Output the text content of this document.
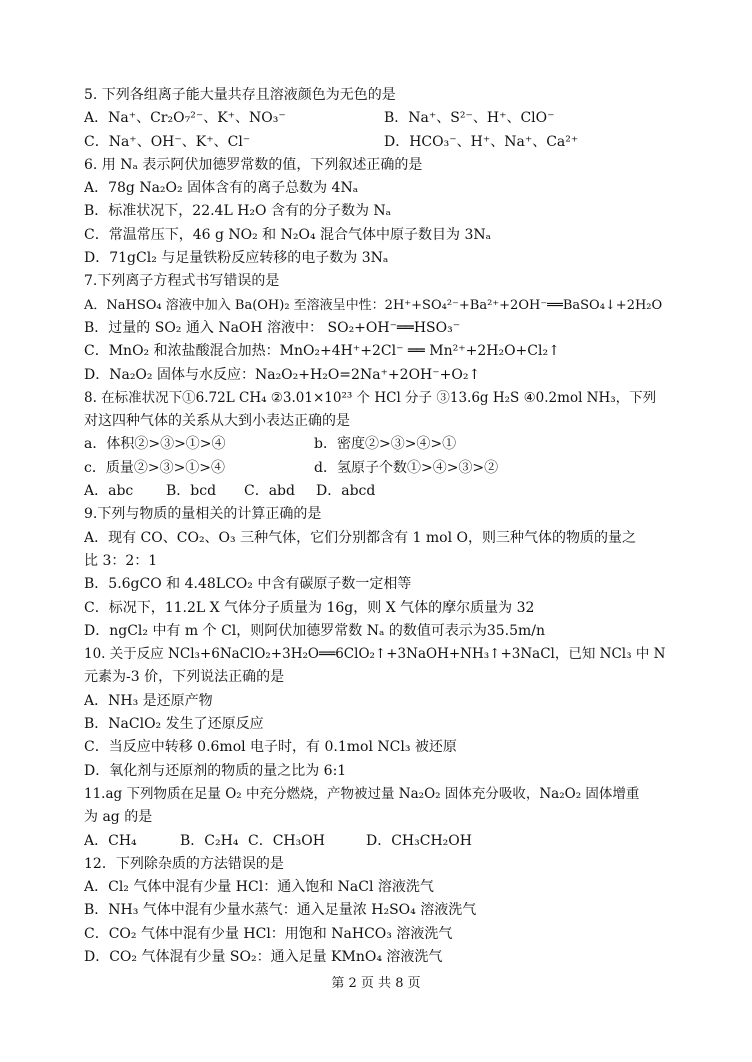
5. 下列各组离子能大量共存且溶液颜色为无色的是
A．Na⁺、Cr₂O₇²⁻、K⁺、NO₃⁻	B．Na⁺、S²⁻、H⁺、ClO⁻
C．Na⁺、OH⁻、K⁺、Cl⁻	D．HCO₃⁻、H⁺、Na⁺、Ca²⁺
6. 用 Nₐ 表示阿伏加德罗常数的值，下列叙述正确的是
A．78g Na₂O₂ 固体含有的离子总数为 4Nₐ
B．标准状况下，22.4L H₂O 含有的分子数为 Nₐ
C．常温常压下，46 g NO₂ 和 N₂O₄ 混合气体中原子数目为 3Nₐ
D．71gCl₂ 与足量铁粉反应转移的电子数为 3Nₐ
7.下列离子方程式书写错误的是
A．NaHSO₄ 溶液中加入 Ba(OH)₂ 至溶液呈中性：2H⁺+SO₄²⁻+Ba²⁺+2OH⁻══BaSO₄↓+2H₂O
B．过量的 SO₂ 通入 NaOH 溶液中： SO₂+OH⁻══HSO₃⁻
C．MnO₂ 和浓盐酸混合加热：MnO₂+4H⁺+2Cl⁻ ══ Mn²⁺+2H₂O+Cl₂↑
D．Na₂O₂ 固体与水反应：Na₂O₂+H₂O=2Na⁺+2OH⁻+O₂↑
8. 在标准状况下①6.72L CH₄ ②3.01×10²³ 个 HCl 分子 ③13.6g H₂S ④0.2mol NH₃，下列
对这四种气体的关系从大到小表达正确的是
a．体积②>③>①>④	b．密度②>③>④>①
c．质量②>③>①>④	d．氢原子个数①>④>③>②
A．abc	B．bcd	C．abd	D．abcd
9.下列与物质的量相关的计算正确的是
A．现有 CO、CO₂、O₃ 三种气体，它们分别都含有 1 mol O，则三种气体的物质的量之
比 3：2：1
B．5.6gCO 和 4.48LCO₂ 中含有碳原子数一定相等
C．标况下，11.2L X 气体分子质量为 16g，则 X 气体的摩尔质量为 32
D．ngCl₂ 中有 m 个 Cl，则阿伏加德罗常数 Nₐ 的数值可表示为35.5m/n
10. 关于反应 NCl₃+6NaClO₂+3H₂O══6ClO₂↑+3NaOH+NH₃↑+3NaCl，已知 NCl₃ 中 N
元素为-3 价，下列说法正确的是
A．NH₃ 是还原产物
B．NaClO₂ 发生了还原反应
C．当反应中转移 0.6mol 电子时，有 0.1mol NCl₃ 被还原
D．氧化剂与还原剂的物质的量之比为 6:1
11.ag 下列物质在足量 O₂ 中充分燃烧，产物被过量 Na₂O₂ 固体充分吸收，Na₂O₂ 固体增重
为 ag 的是
A．CH₄	B．C₂H₄ C．CH₃OH	D．CH₃CH₂OH
12．下列除杂质的方法错误的是
A．Cl₂ 气体中混有少量 HCl：通入饱和 NaCl 溶液洗气
B．NH₃ 气体中混有少量水蒸气：通入足量浓 H₂SO₄ 溶液洗气
C．CO₂ 气体中混有少量 HCl：用饱和 NaHCO₃ 溶液洗气
D．CO₂ 气体混有少量 SO₂：通入足量 KMnO₄ 溶液洗气
第 2 页 共 8 页
